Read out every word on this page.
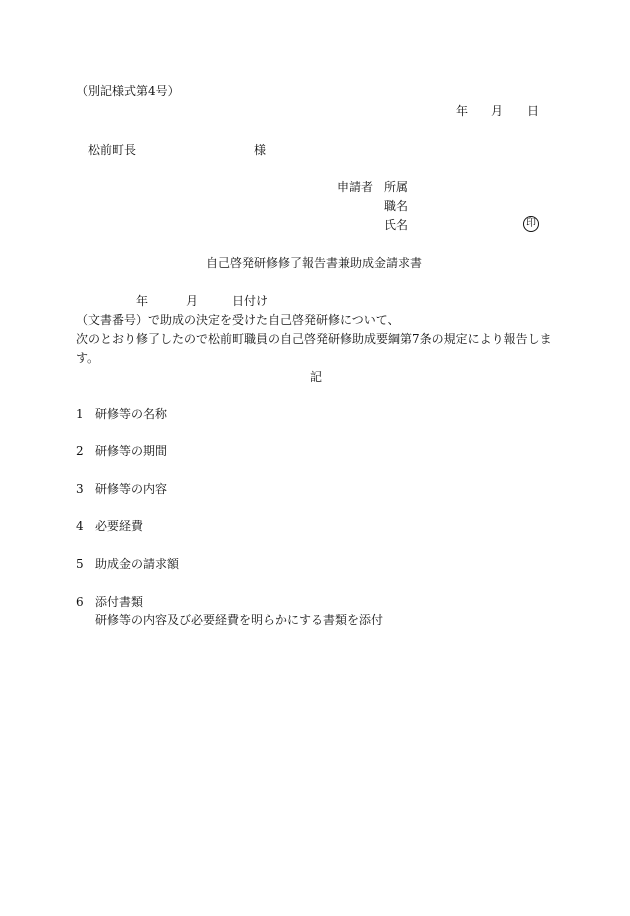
（別記様式第4号）
年 月 日
松前町長	様
申請者 所属
職名
氏名	印
自己啓発研修修了報告書兼助成金請求書
年	月	日付け（文書番号）で助成の決定を受けた自己啓発研修について、
次のとおり修了したので松前町職員の自己啓発研修助成要綱第7条の規定により報告します。
記
1 研修等の名称
2 研修等の期間
3 研修等の内容
4 必要経費
5 助成金の請求額
6 添付書類
研修等の内容及び必要経費を明らかにする書類を添付
